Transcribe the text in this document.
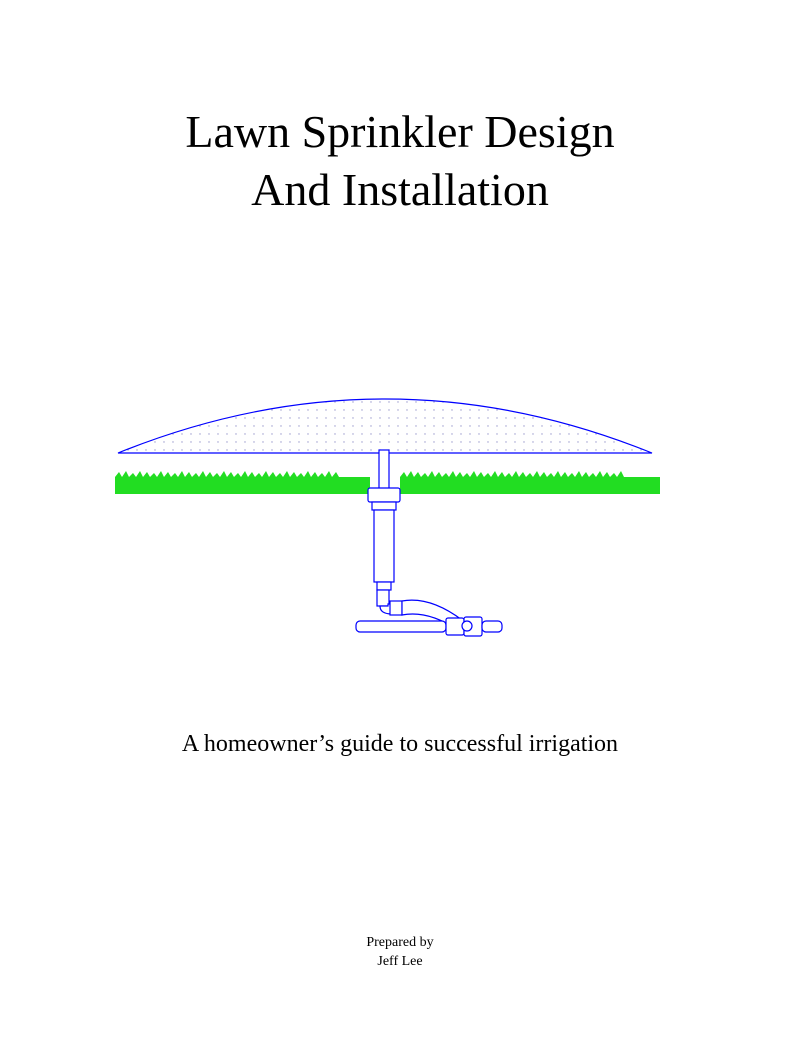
Lawn Sprinkler Design
And Installation
A homeowner’s guide to successful irrigation
Prepared by
Jeff Lee
